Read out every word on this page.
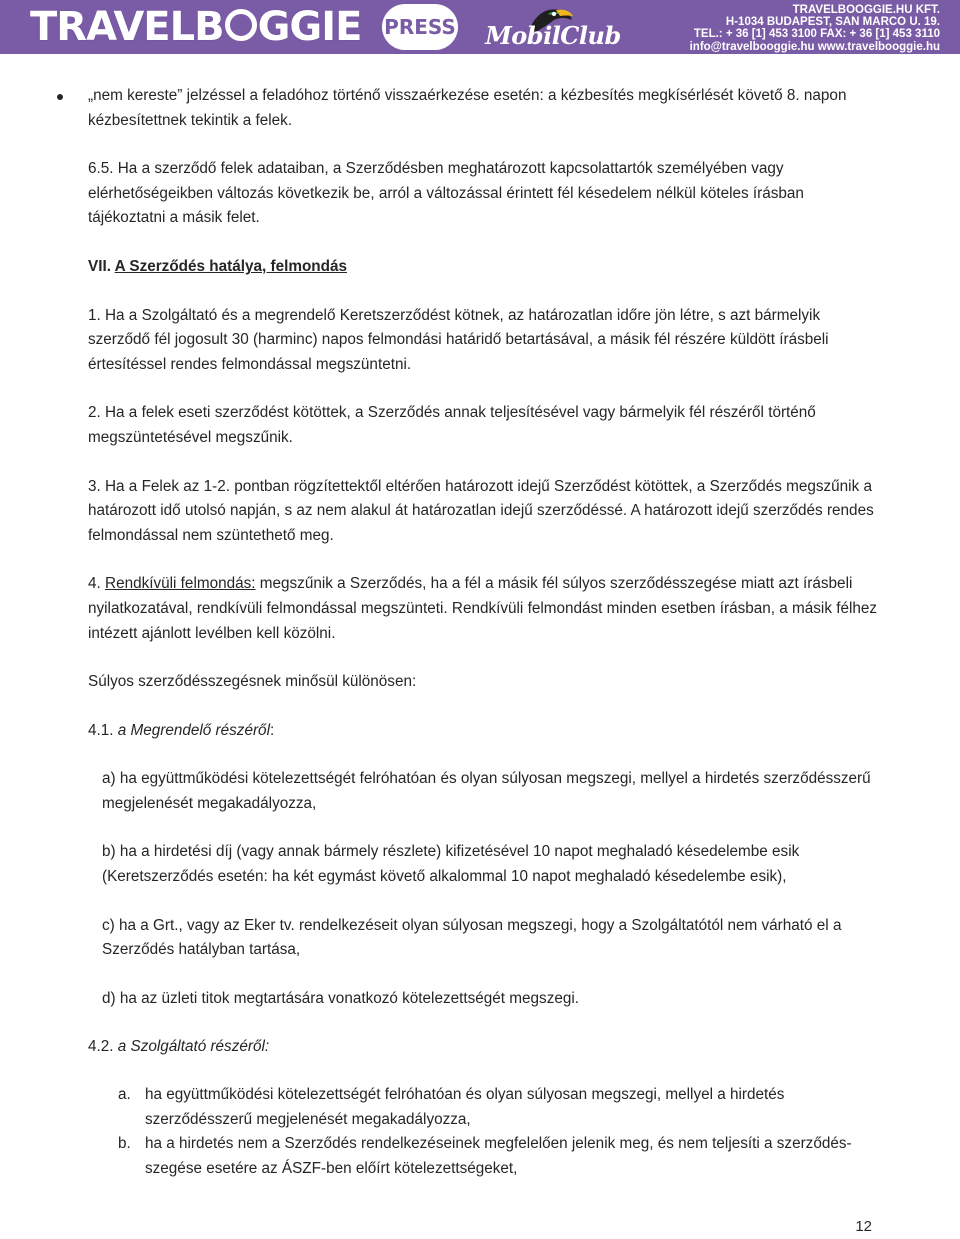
TRAVELB GGIE PRESS	MobilClub
TRAVELBOOGGIE.HU KFT.
H-1034 BUDAPEST, SAN MARCO U. 19.
TEL.: + 36 [1] 453 3100 FAX: + 36 [1] 453 3110
info@travelbooggie.hu www.travelbooggie.hu
„nem kereste” jelzéssel a feladóhoz történő visszaérkezése esetén: a kézbesítés megkísérlését követő 8. napon kézbesítettnek tekintik a felek.

6.5. Ha a szerződő felek adataiban, a Szerződésben meghatározott kapcsolattartók személyében vagy elérhetőségeikben változás következik be, arról a változással érintett fél késedelem nélkül köteles írásban tájékoztatni a másik felet.

VII. A Szerződés hatálya, felmondás

1. Ha a Szolgáltató és a megrendelő Keretszerződést kötnek, az határozatlan időre jön létre, s azt bármelyik szerződő fél jogosult 30 (harminc) napos felmondási határidő betartásával, a másik fél részére küldött írásbeli értesítéssel rendes felmondással megszüntetni.

2. Ha a felek eseti szerződést kötöttek, a Szerződés annak teljesítésével vagy bármelyik fél részéről történő megszüntetésével megszűnik.

3. Ha a Felek az 1-2. pontban rögzítettektől eltérően határozott idejű Szerződést kötöttek, a Szerződés megszűnik a határozott idő utolsó napján, s az nem alakul át határozatlan idejű szerződéssé. A határozott idejű szerződés rendes felmondással nem szüntethető meg.

4. Rendkívüli felmondás: megszűnik a Szerződés, ha a fél a másik fél súlyos szerződésszegése miatt azt írásbeli nyilatkozatával, rendkívüli felmondással megszünteti. Rendkívüli felmondást minden esetben írásban, a másik félhez intézett ajánlott levélben kell közölni.

Súlyos szerződésszegésnek minősül különösen:

4.1. a Megrendelő részéről:

a) ha együttműködési kötelezettségét felróhatóan és olyan súlyosan megszegi, mellyel a hirdetés szerződésszerű megjelenését megakadályozza,

b) ha a hirdetési díj (vagy annak bármely részlete) kifizetésével 10 napot meghaladó késedelembe esik (Keretszerződés esetén: ha két egymást követő alkalommal 10 napot meghaladó késedelembe esik),

c) ha a Grt., vagy az Eker tv. rendelkezéseit olyan súlyosan megszegi, hogy a Szolgáltatótól nem várható el a Szerződés hatályban tartása,

d) ha az üzleti titok megtartására vonatkozó kötelezettségét megszegi.

4.2. a Szolgáltató részéről:

a. ha együttműködési kötelezettségét felróhatóan és olyan súlyosan megszegi, mellyel a hirdetés szerződésszerű megjelenését megakadályozza,
b. ha a hirdetés nem a Szerződés rendelkezéseinek megfelelően jelenik meg, és nem teljesíti a szerződés-szegése esetére az ÁSZF-ben előírt kötelezettségeket,
12
